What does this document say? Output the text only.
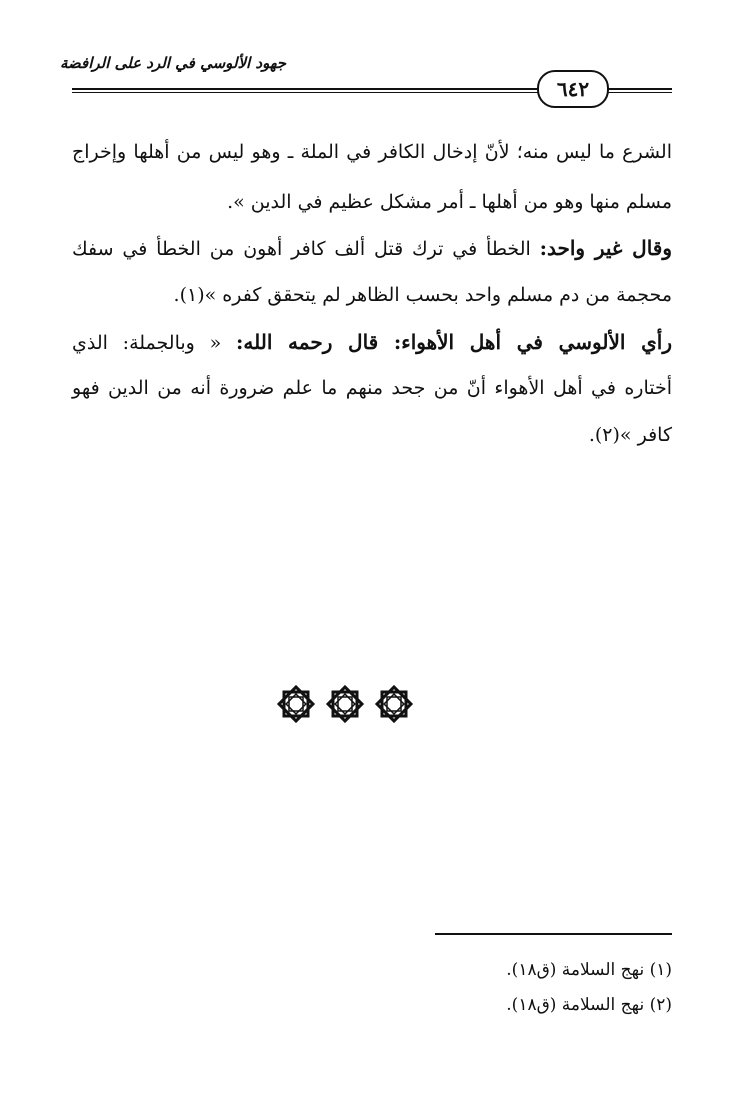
جهود الألوسي في الرد على الرافضة
٦٤٢
الشرع ما ليس منه؛ لأنّ إدخال الكافر في الملة ـ وهو ليس من أهلها وإخراج
مسلم منها وهو من أهلها ـ أمر مشكل عظيم في الدين ».
وقال غير واحد: الخطأ في ترك قتل ألف كافر أهون من الخطأ في سفك
محجمة من دم مسلم واحد بحسب الظاهر لم يتحقق كفره »(١).
رأي الألوسي في أهل الأهواء: قال رحمه الله: « وبالجملة: الذي
أختاره في أهل الأهواء أنّ من جحد منهم ما علم ضرورة أنه من الدين فهو
كافر »(٢).
(١) نهج السلامة (ق١٨).
(٢) نهج السلامة (ق١٨).
